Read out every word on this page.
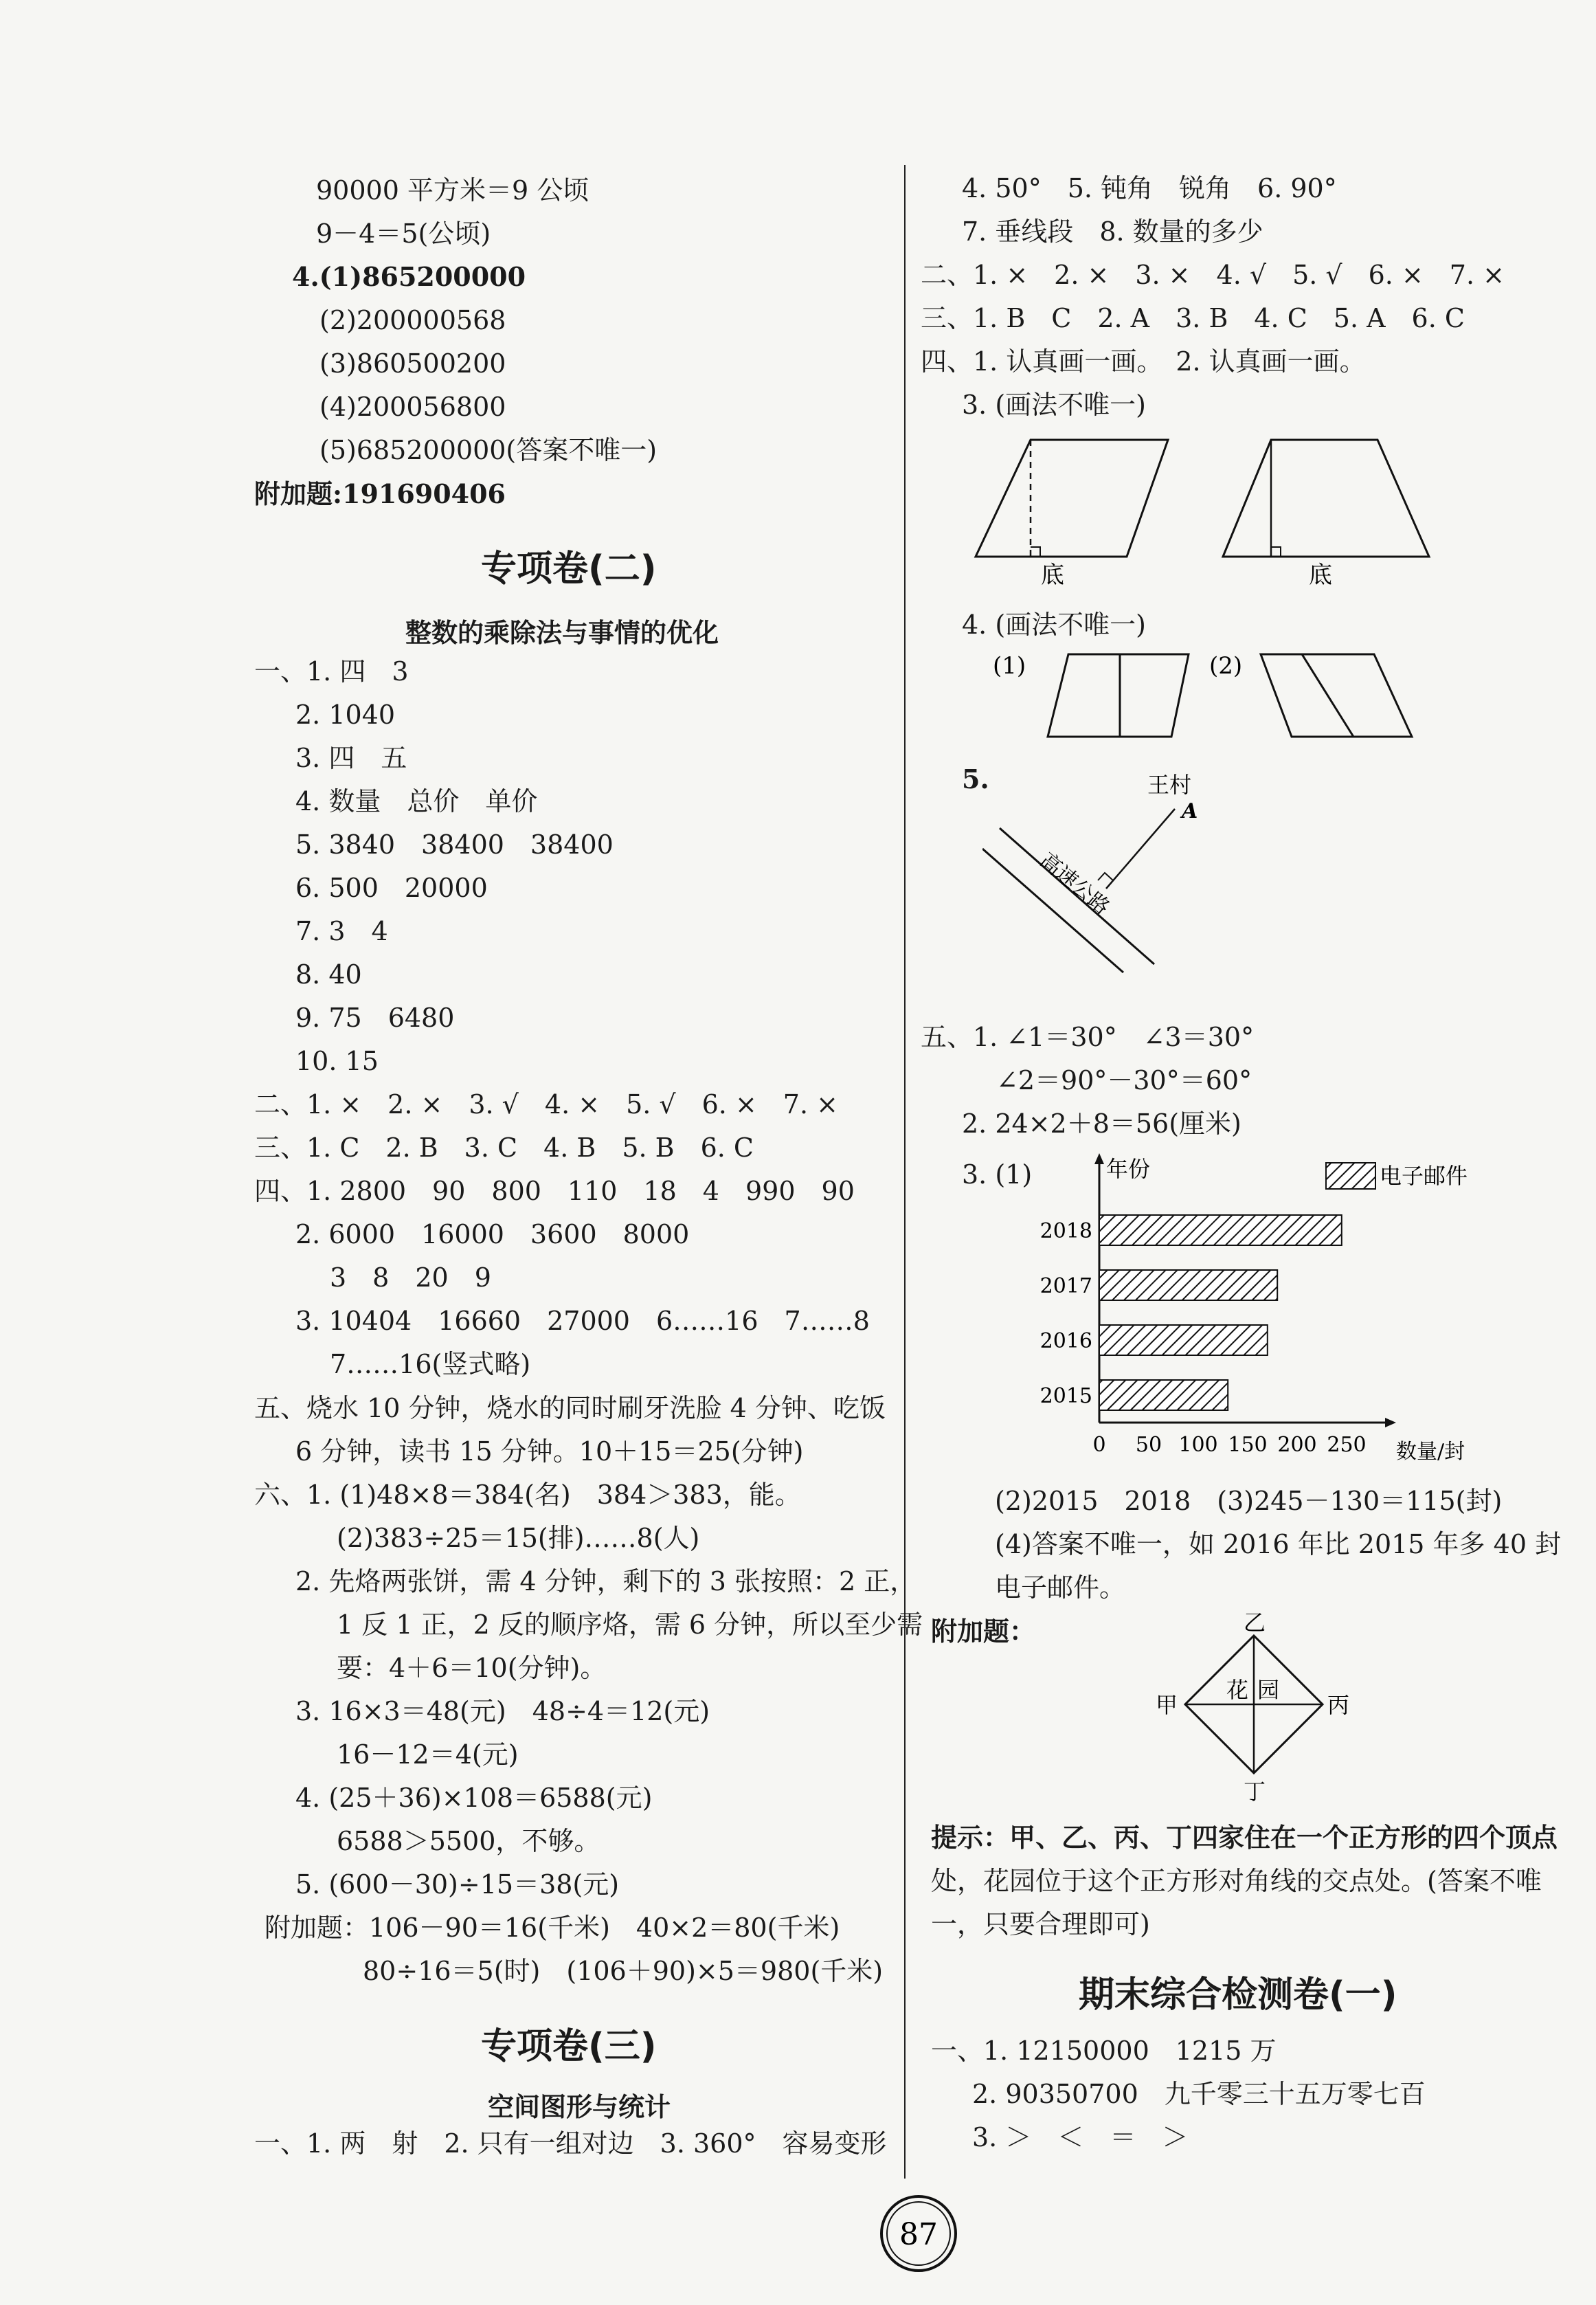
90000 平方米＝9 公顷
9－4＝5(公顷)
4.(1)865200000
(2)200000568
(3)860500200
(4)200056800
(5)685200000(答案不唯一)
附加题:191690406
专项卷(二)
整数的乘除法与事情的优化
一、1. 四　3
2. 1040
3. 四　五
4. 数量　总价　单价
5. 3840　38400　38400
6. 500　20000
7. 3　4
8. 40
9. 75　6480
10. 15
二、1. ×　2. ×　3. √　4. ×　5. √　6. ×　7. ×
三、1. C　2. B　3. C　4. B　5. B　6. C
四、1. 2800　90　800　110　18　4　990　90
2. 6000　16000　3600　8000
3　8　20　9
3. 10404　16660　27000　6……16　7……8
7……16(竖式略)
五、烧水 10 分钟，烧水的同时刷牙洗脸 4 分钟、吃饭
6 分钟，读书 15 分钟。10＋15＝25(分钟)
六、1. (1)48×8＝384(名)　384＞383，能。
(2)383÷25＝15(排)……8(人)
2. 先烙两张饼，需 4 分钟，剩下的 3 张按照：2 正，
1 反 1 正，2 反的顺序烙，需 6 分钟，所以至少需
要：4＋6＝10(分钟)。
3. 16×3＝48(元)　48÷4＝12(元)
16－12＝4(元)
4. (25＋36)×108＝6588(元)
6588＞5500，不够。
5. (600－30)÷15＝38(元)
附加题：106－90＝16(千米)　40×2＝80(千米)
80÷16＝5(时)　(106＋90)×5＝980(千米)
专项卷(三)
空间图形与统计
一、1. 两　射　2. 只有一组对边　3. 360°　容易变形
4. 50°　5. 钝角　锐角　6. 90°
7. 垂线段　8. 数量的多少
二、1. ×　2. ×　3. ×　4. √　5. √　6. ×　7. ×
三、1. B　C　2. A　3. B　4. C　5. A　6. C
四、1. 认真画一画。　2. 认真画一画。
3. (画法不唯一)
底	底
4. (画法不唯一)
(1)	(2)
5.	王村
A
高速公路
五、1. ∠1＝30°　∠3＝30°
∠2＝90°－30°＝60°
2. 24×2＋8＝56(厘米)
3. (1)	年份
数量/封
电子邮件
0 50 100 150 200 250
2015
2016
2017
2018
(2)2015　2018　(3)245－130＝115(封)
(4)答案不唯一，如 2016 年比 2015 年多 40 封
电子邮件。
附加题：	乙
甲	丙
丁
花 园
提示：甲、乙、丙、丁四家住在一个正方形的四个顶点
处，花园位于这个正方形对角线的交点处。(答案不唯
一，只要合理即可)
期末综合检测卷(一)
一、1. 12150000　1215 万
2. 90350700　九千零三十五万零七百
3. ＞　＜　＝　＞
87
